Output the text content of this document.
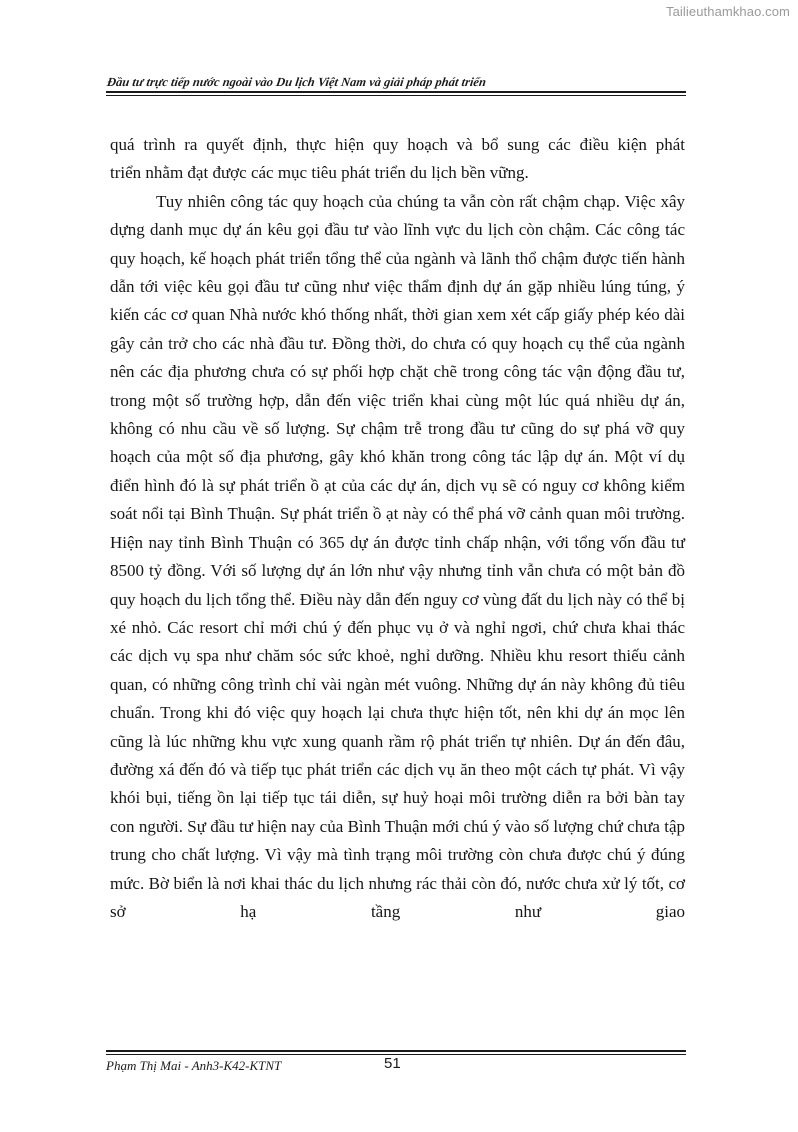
Tailieuthamkhao.com
Đầu tư trực tiếp nước ngoài vào Du lịch Việt Nam và giải pháp phát triển

quá trình ra quyết định, thực hiện quy hoạch và bổ sung các điều kiện phát
triển nhằm đạt được các mục tiêu phát triển du lịch bền vững.

Tuy nhiên công tác quy hoạch của chúng ta vẫn còn rất chậm chạp. Việc xây dựng danh mục dự án kêu gọi đầu tư vào lĩnh vực du lịch còn chậm. Các công tác quy hoạch, kế hoạch phát triển tổng thể của ngành và lãnh thổ chậm được tiến hành dẫn tới việc kêu gọi đầu tư cũng như việc thẩm định dự án gặp nhiều lúng túng, ý kiến các cơ quan Nhà nước khó thống nhất, thời gian xem xét cấp giấy phép kéo dài gây cản trở cho các nhà đầu tư. Đồng thời, do chưa có quy hoạch cụ thể của ngành nên các địa phương chưa có sự phối hợp chặt chẽ trong công tác vận động đầu tư, trong một số trường hợp, dẫn đến việc triển khai cùng một lúc quá nhiều dự án, không có nhu cầu về số lượng. Sự chậm trễ trong đầu tư cũng do sự phá vỡ quy hoạch của một số địa phương, gây khó khăn trong công tác lập dự án. Một ví dụ điển hình đó là sự phát triển ồ ạt của các dự án, dịch vụ sẽ có nguy cơ không kiểm soát nổi tại Bình Thuận. Sự phát triển ồ ạt này có thể phá vỡ cảnh quan môi trường. Hiện nay tỉnh Bình Thuận có 365 dự án được tỉnh chấp nhận, với tổng vốn đầu tư 8500 tỷ đồng. Với số lượng dự án lớn như vậy nhưng tỉnh vẫn chưa có một bản đồ quy hoạch du lịch tổng thể. Điều này dẫn đến nguy cơ vùng đất du lịch này có thể bị xé nhỏ. Các resort chỉ mới chú ý đến phục vụ ở và nghỉ ngơi, chứ chưa khai thác các dịch vụ spa như chăm sóc sức khoẻ, nghỉ dưỡng. Nhiều khu resort thiếu cảnh quan, có những công trình chỉ vài ngàn mét vuông. Những dự án này không đủ tiêu chuẩn. Trong khi đó việc quy hoạch lại chưa thực hiện tốt, nên khi dự án mọc lên cũng là lúc những khu vực xung quanh rầm rộ phát triển tự nhiên. Dự án đến đâu, đường xá đến đó và tiếp tục phát triển các dịch vụ ăn theo một cách tự phát. Vì vậy khói bụi, tiếng ồn lại tiếp tục tái diễn, sự huỷ hoại môi trường diễn ra bởi bàn tay con người. Sự đầu tư hiện nay của Bình Thuận mới chú ý vào số lượng chứ chưa tập trung cho chất lượng. Vì vậy mà tình trạng môi trường còn chưa được chú ý đúng mức. Bờ biển là nơi khai thác du lịch nhưng rác thải còn đó, nước chưa xử lý tốt, cơ sở hạ tầng như giao

Phạm Thị Mai - Anh3-K42-KTNT	51
